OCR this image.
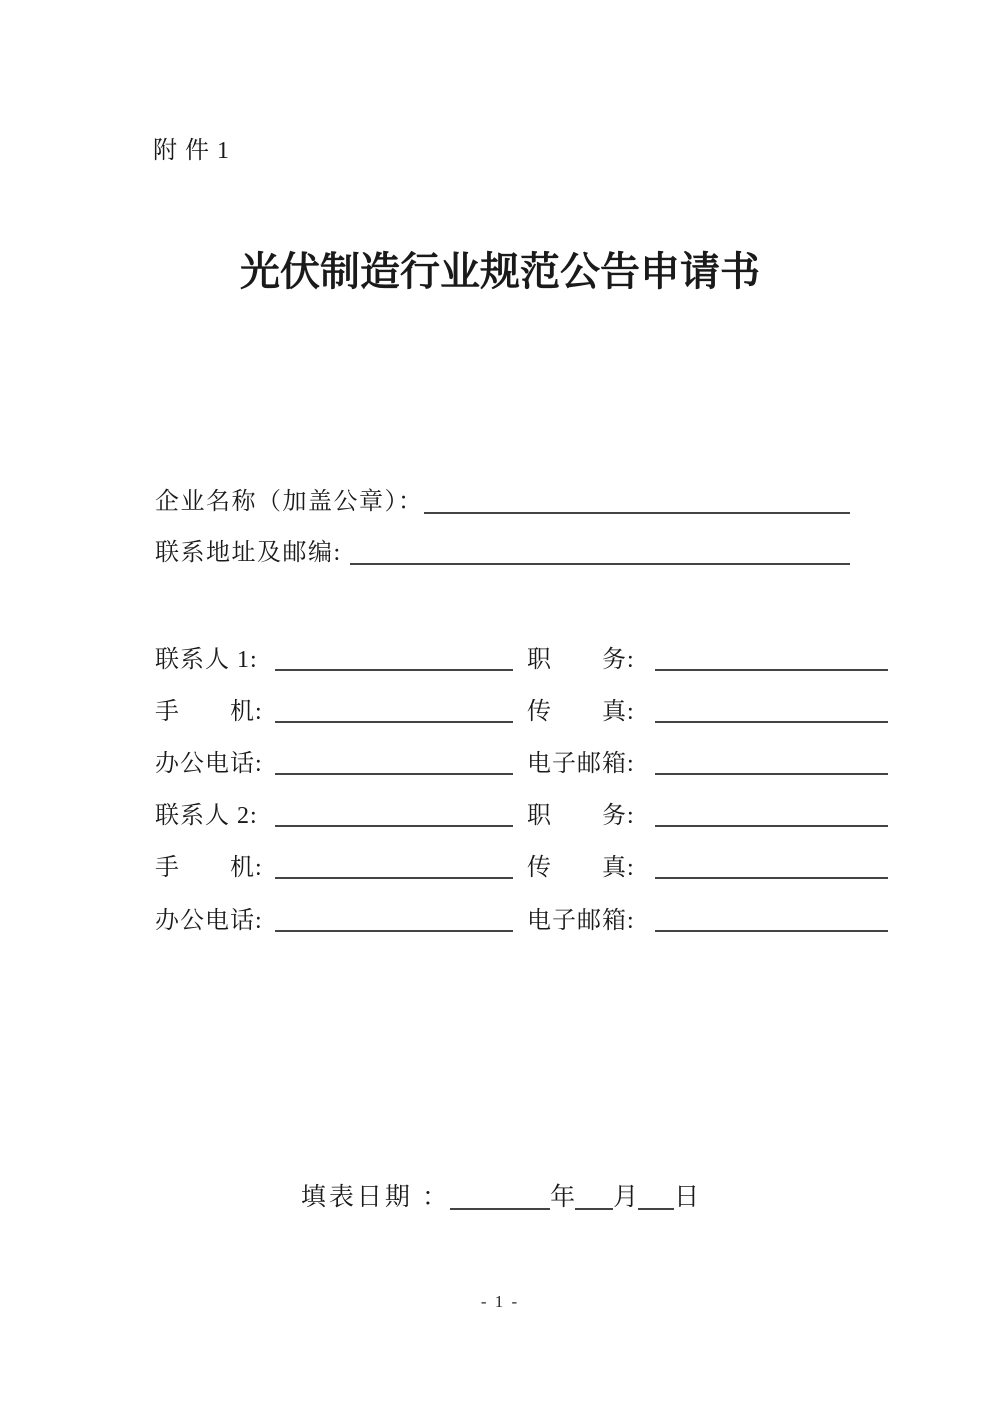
附 件 1
光伏制造行业规范公告申请书
企业名称（加盖公章）：
联系地址及邮编:
联系人 1:	职　　务:
手　　机:	传　　真:
办公电话:	电子邮箱:
联系人 2:	职　　务:
手　　机:	传　　真:
办公电话:	电子邮箱:
填表日期 ：	年 月 日
- 1 -
